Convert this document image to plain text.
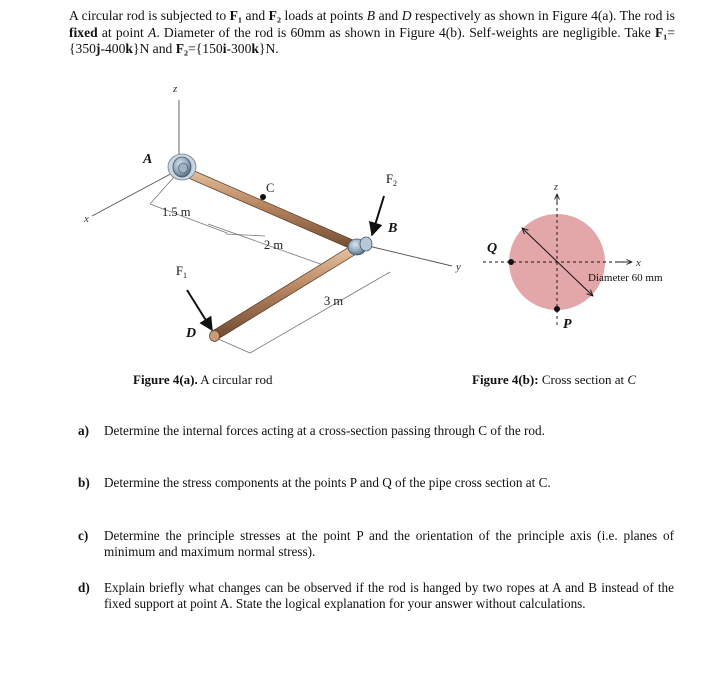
A circular rod is subjected to F₁ and F₂ loads at points B and D respectively as shown in Figure 4(a). The rod is fixed at point A. Diameter of the rod is 60mm as shown in Figure 4(b). Self-weights are negligible. Take F₁={350j-400k}N and F₂={150i-300k}N.
z
x
y
1.5 m
2 m
3 m
C
A
B
D
$F_2$
$F_1$
z
x
Diameter 60 mm
Q
P
Figure 4(a). A circular rod	Figure 4(b): Cross section at C
a) Determine the internal forces acting at a cross-section passing through C of the rod.
b) Determine the stress components at the points P and Q of the pipe cross section at C.
c) Determine the principle stresses at the point P and the orientation of the principle axis (i.e. planes of minimum and maximum normal stress).
d) Explain briefly what changes can be observed if the rod is hanged by two ropes at A and B instead of the fixed support at point A. State the logical explanation for your answer without calculations.
